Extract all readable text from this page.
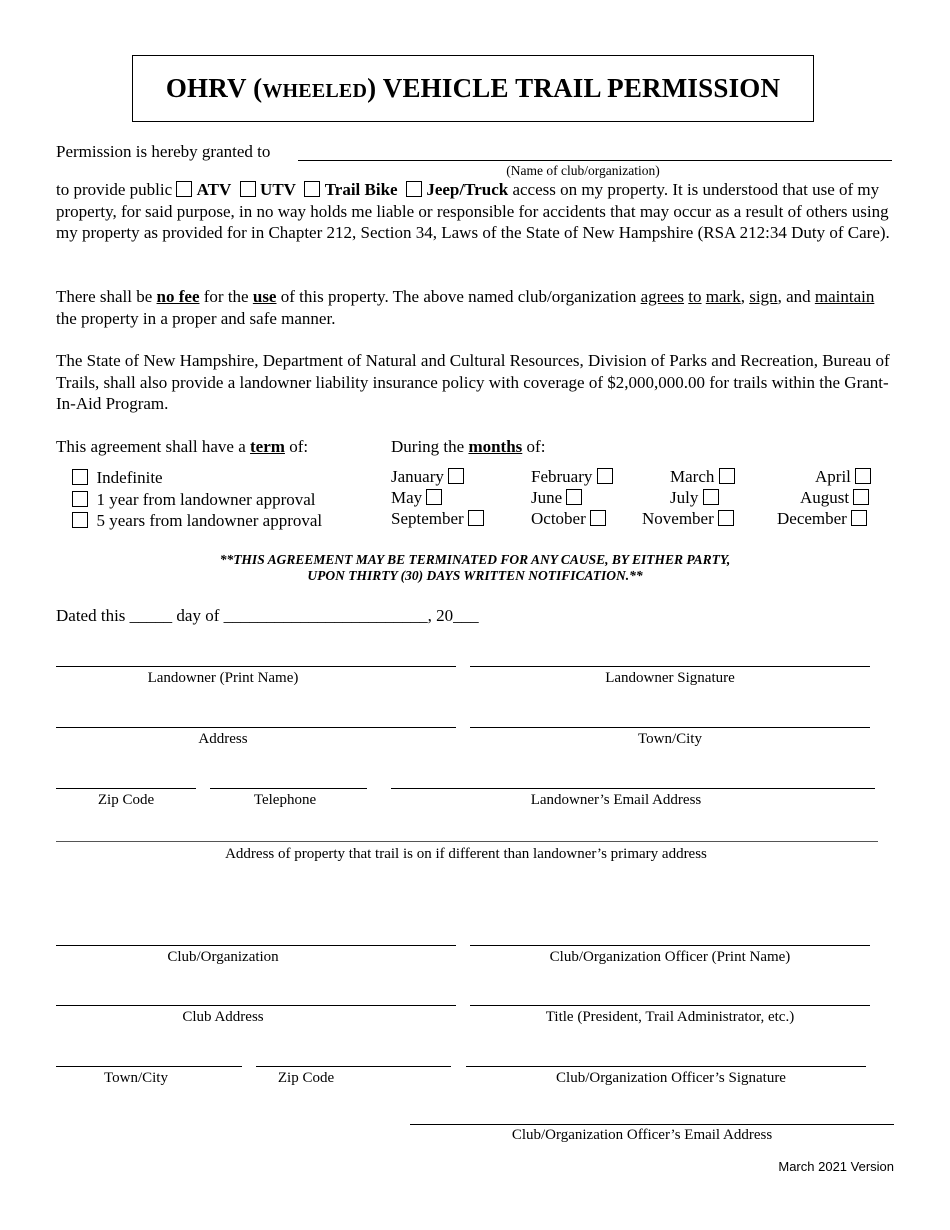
OHRV (WHEELED) VEHICLE TRAIL PERMISSION
Permission is hereby granted to
(Name of club/organization)
to provide public ATV UTV Trail Bike Jeep/Truck access on my property. It is understood that use of my property, for said purpose, in no way holds me liable or responsible for accidents that may occur as a result of others using my property as provided for in Chapter 212, Section 34, Laws of the State of New Hampshire (RSA 212:34 Duty of Care).
There shall be no fee for the use of this property. The above named club/organization agrees to mark, sign, and maintain the property in a proper and safe manner.
The State of New Hampshire, Department of Natural and Cultural Resources, Division of Parks and Recreation, Bureau of Trails, shall also provide a landowner liability insurance policy with coverage of $2,000,000.00 for trails within the Grant-In-Aid Program.
This agreement shall have a term of:
Indefinite
1 year from landowner approval
5 years from landowner approval
During the months of:
January	February	March	April
May	June	July	August
September	October	November	December
**THIS AGREEMENT MAY BE TERMINATED FOR ANY CAUSE, BY EITHER PARTY,
UPON THIRTY (30) DAYS WRITTEN NOTIFICATION.**
Dated this _____ day of ________________________, 20___
Landowner (Print Name)	Landowner Signature
Address	Town/City
Zip Code	Telephone	Landowner’s Email Address
Address of property that trail is on if different than landowner’s primary address
Club/Organization	Club/Organization Officer (Print Name)
Club Address	Title (President, Trail Administrator, etc.)
Town/City	Zip Code	Club/Organization Officer’s Signature
Club/Organization Officer’s Email Address
March 2021 Version
